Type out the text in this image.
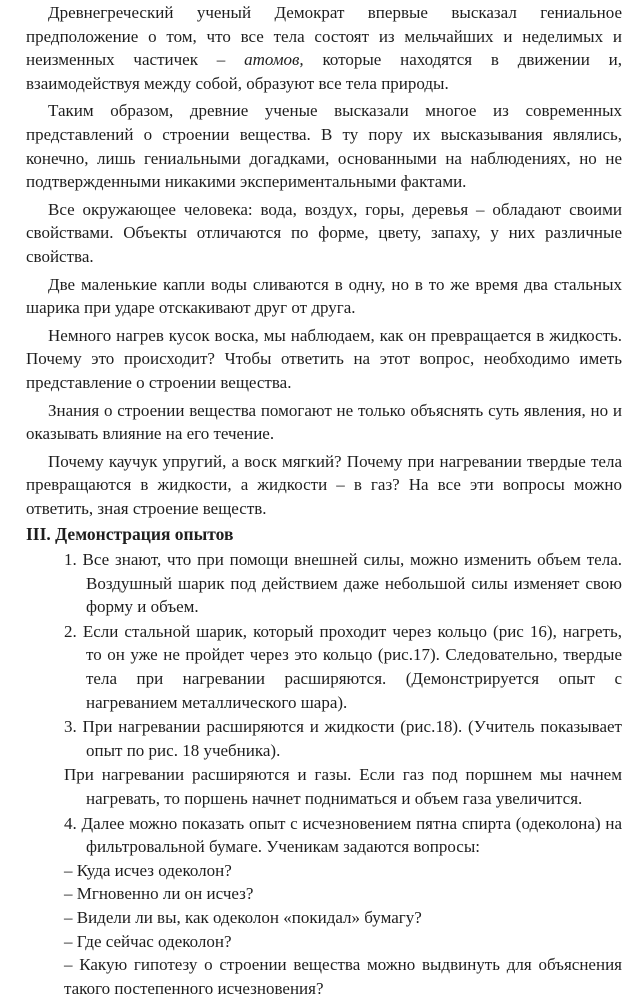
Древнегреческий ученый Демократ впервые высказал гениальное предположение о том, что все тела состоят из мельчайших и неделимых и неизменных частичек – атомов, которые находятся в движении и, взаимодействуя между собой, образуют все тела природы.

Таким образом, древние ученые высказали многое из современных представлений о строении вещества. В ту пору их высказывания являлись, конечно, лишь гениальными догадками, основанными на наблюдениях, но не подтвержденными никакими экспериментальными фактами.

Все окружающее человека: вода, воздух, горы, деревья – обладают своими свойствами. Объекты отличаются по форме, цвету, запаху, у них различные свойства.

Две маленькие капли воды сливаются в одну, но в то же время два стальных шарика при ударе отскакивают друг от друга.

Немного нагрев кусок воска, мы наблюдаем, как он превращается в жидкость. Почему это происходит? Чтобы ответить на этот вопрос, необходимо иметь представление о строении вещества.

Знания о строении вещества помогают не только объяснять суть явления, но и оказывать влияние на его течение.

Почему каучук упругий, а воск мягкий? Почему при нагревании твердые тела превращаются в жидкости, а жидкости – в газ? На все эти вопросы можно ответить, зная строение веществ.

III. Демонстрация опытов

1. Все знают, что при помощи внешней силы, можно изменить объем тела. Воздушный шарик под действием даже небольшой силы изменяет свою форму и объем.

2. Если стальной шарик, который проходит через кольцо (рис 16), нагреть, то он уже не пройдет через это кольцо (рис.17). Следовательно, твердые тела при нагревании расширяются. (Демонстрируется опыт с нагреванием металлического шара).

3. При нагревании расширяются и жидкости (рис.18). (Учитель показывает опыт по рис. 18 учебника).

При нагревании расширяются и газы. Если газ под поршнем мы начнем нагревать, то поршень начнет подниматься и объем газа увеличится.

4. Далее можно показать опыт с исчезновением пятна спирта (одеколона) на фильтровальной бумаге. Ученикам задаются вопросы:

– Куда исчез одеколон?
– Мгновенно ли он исчез?
– Видели ли вы, как одеколон «покидал» бумагу?
– Где сейчас одеколон?
– Какую гипотезу о строении вещества можно выдвинуть для объяснения такого постепенного исчезновения?
